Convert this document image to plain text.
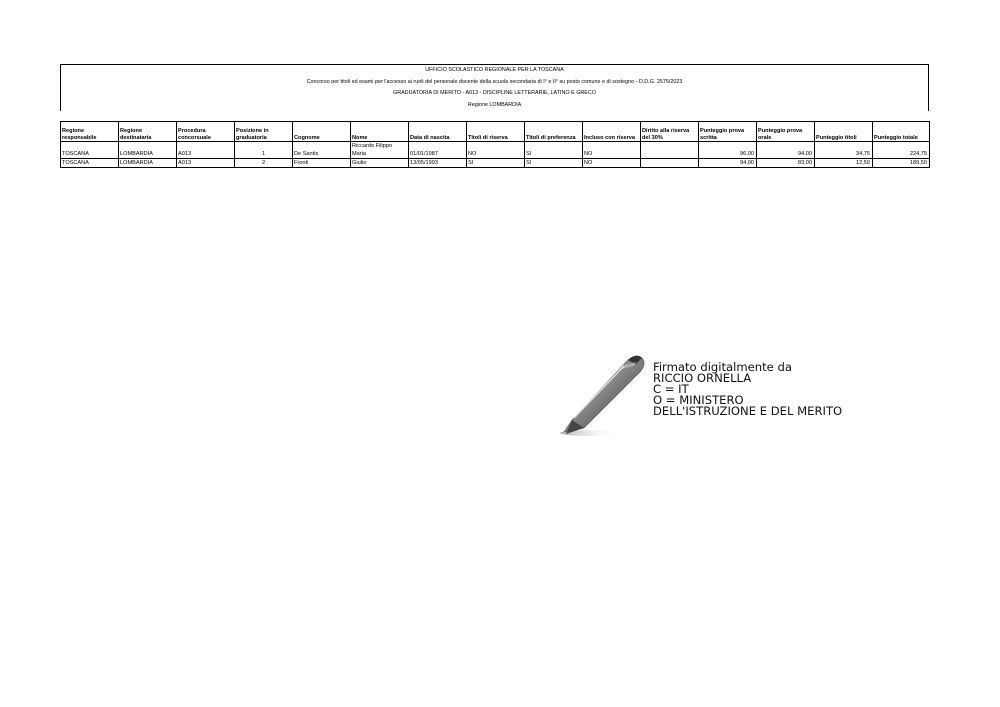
UFFICIO SCOLASTICO REGIONALE PER LA TOSCANA
Concorso per titoli ed esami per l'accesso ai ruoli del personale docente della scuola secondaria di I° e II° su posto comune e di sostegno - D.D.G. 2575/2023
GRADUATORIA DI MERITO - A013 - DISCIPLINE LETTERARIE, LATINO E GRECO
Regione LOMBARDIA
Regione responsabile	Regione destinataria	Procedura concorsuale	Posizione in graduatoria	Cognome	Nome	Data di nascita	Titoli di riserva	Titoli di preferenza	Incluso con riserva	Diritto alla riserva del 30%	Punteggio prova scritta	Punteggio prova orale	Punteggio titoli	Punteggio totale
TOSCANA	LOMBARDIA	A013	1	De Santis	Riccardo Filippo Maria	01/01/1987	NO	SI	NO		96,00	94,00	34,75	224,75
TOSCANA	LOMBARDIA	A013	2	Fronti	Giulio	13/05/1993	SI	SI	NO		94,00	83,00	12,50	189,50
Firmato digitalmente da
RICCIO ORNELLA
C = IT
O = MINISTERO
DELL'ISTRUZIONE E DEL MERITO
